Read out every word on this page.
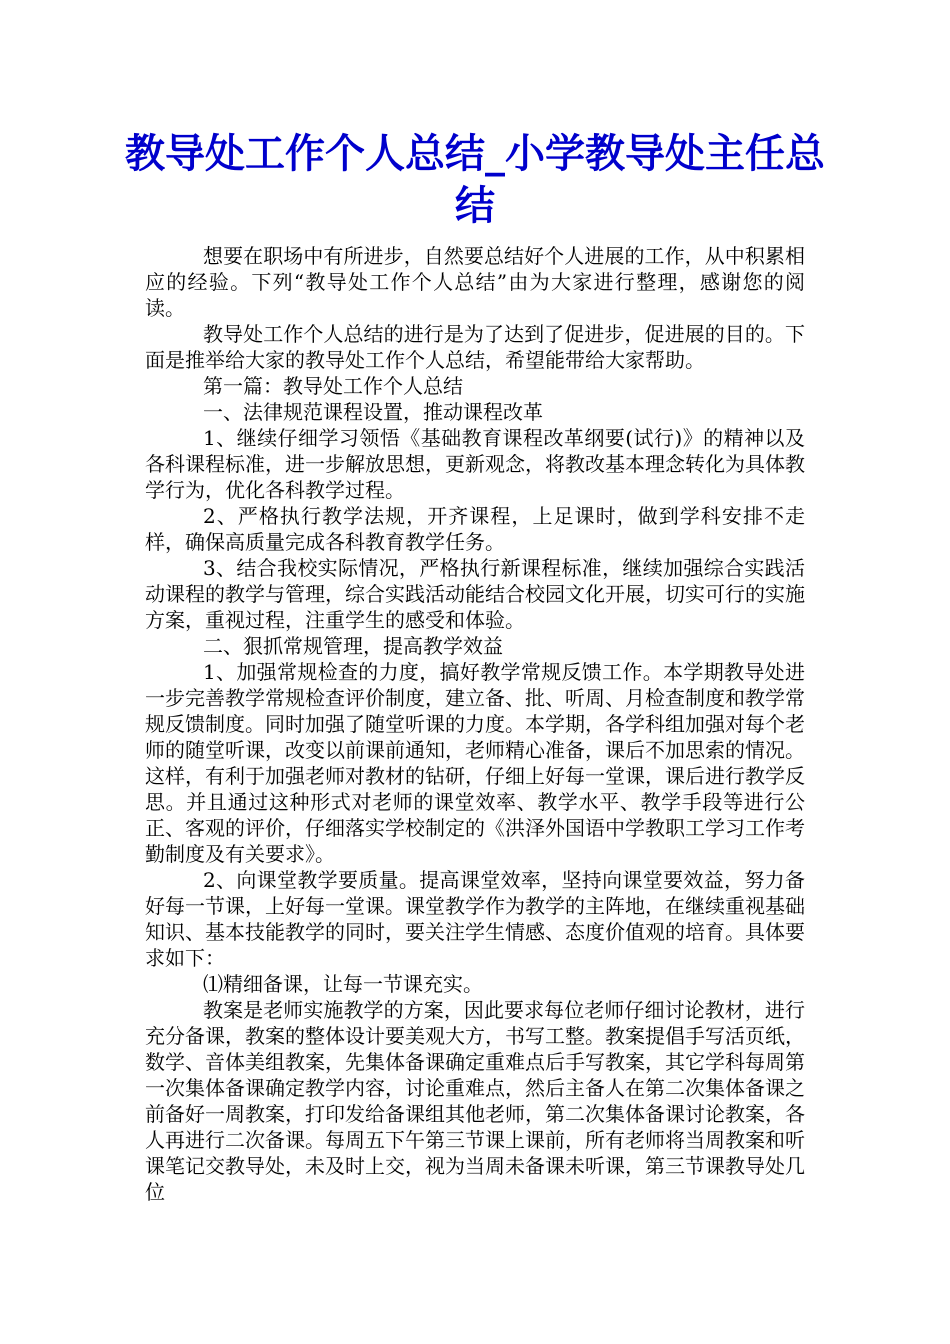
教导处工作个人总结_小学教导处主任总结

想要在职场中有所进步，自然要总结好个人进展的工作，从中积累相应的经验。下列“教导处工作个人总结”由为大家进行整理，感谢您的阅读。

教导处工作个人总结的进行是为了达到了促进步，促进展的目的。下面是推举给大家的教导处工作个人总结，希望能带给大家帮助。

第一篇：教导处工作个人总结

一、法律规范课程设置，推动课程改革

1、继续仔细学习领悟《基础教育课程改革纲要(试行)》的精神以及各科课程标准，进一步解放思想，更新观念，将教改基本理念转化为具体教学行为，优化各科教学过程。

2、严格执行教学法规，开齐课程，上足课时，做到学科安排不走样，确保高质量完成各科教育教学任务。

3、结合我校实际情况，严格执行新课程标准，继续加强综合实践活动课程的教学与管理，综合实践活动能结合校园文化开展，切实可行的实施方案，重视过程，注重学生的感受和体验。

二、狠抓常规管理，提高教学效益

1、加强常规检查的力度，搞好教学常规反馈工作。本学期教导处进一步完善教学常规检查评价制度，建立备、批、听周、月检查制度和教学常规反馈制度。同时加强了随堂听课的力度。本学期，各学科组加强对每个老师的随堂听课，改变以前课前通知，老师精心准备，课后不加思索的情况。这样，有利于加强老师对教材的钻研，仔细上好每一堂课，课后进行教学反思。并且通过这种形式对老师的课堂效率、教学水平、教学手段等进行公正、客观的评价，仔细落实学校制定的《洪泽外国语中学教职工学习工作考勤制度及有关要求》。

2、向课堂教学要质量。提高课堂效率，坚持向课堂要效益，努力备好每一节课，上好每一堂课。课堂教学作为教学的主阵地，在继续重视基础知识、基本技能教学的同时，要关注学生情感、态度价值观的培育。具体要求如下：

⑴精细备课，让每一节课充实。

教案是老师实施教学的方案，因此要求每位老师仔细讨论教材，进行充分备课，教案的整体设计要美观大方，书写工整。教案提倡手写活页纸，数学、音体美组教案，先集体备课确定重难点后手写教案，其它学科每周第一次集体备课确定教学内容，讨论重难点，然后主备人在第二次集体备课之前备好一周教案，打印发给备课组其他老师，第二次集体备课讨论教案，各人再进行二次备课。每周五下午第三节课上课前，所有老师将当周教案和听课笔记交教导处，未及时上交，视为当周未备课未听课，第三节课教导处几位
